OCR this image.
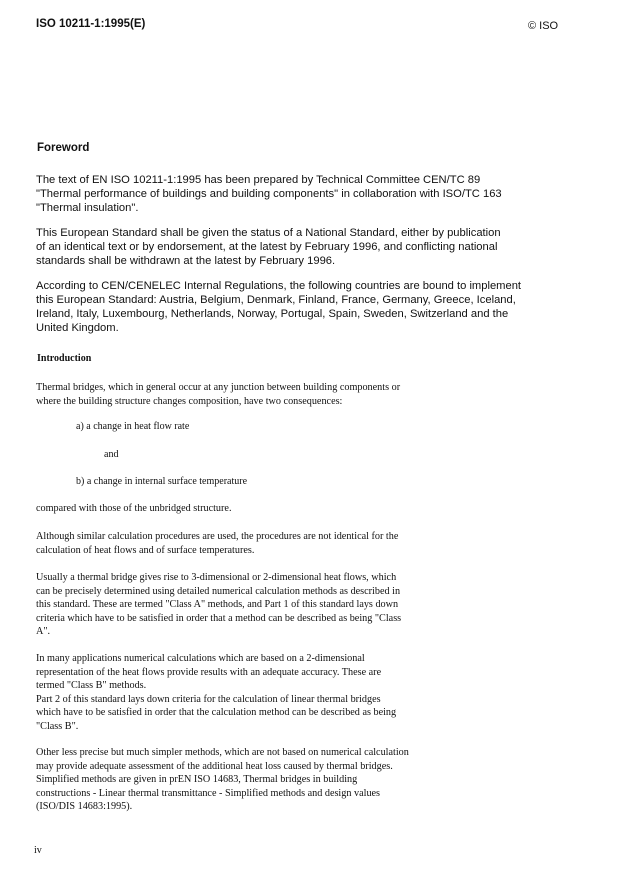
ISO 10211-1:1995(E)	© ISO
Foreword
The text of EN ISO 10211-1:1995 has been prepared by Technical Committee CEN/TC 89
"Thermal performance of buildings and building components" in collaboration with ISO/TC 163
"Thermal insulation".
This European Standard shall be given the status of a National Standard, either by publication
of an identical text or by endorsement, at the latest by February 1996, and conflicting national
standards shall be withdrawn at the latest by February 1996.
According to CEN/CENELEC Internal Regulations, the following countries are bound to implement
this European Standard: Austria, Belgium, Denmark, Finland, France, Germany, Greece, Iceland,
Ireland, Italy, Luxembourg, Netherlands, Norway, Portugal, Spain, Sweden, Switzerland and the
United Kingdom.
Introduction
Thermal bridges, which in general occur at any junction between building components or
where the building structure changes composition, have two consequences:
a) a change in heat flow rate
and
b) a change in internal surface temperature
compared with those of the unbridged structure.
Although similar calculation procedures are used, the procedures are not identical for the
calculation of heat flows and of surface temperatures.
Usually a thermal bridge gives rise to 3-dimensional or 2-dimensional heat flows, which
can be precisely determined using detailed numerical calculation methods as described in
this standard. These are termed "Class A" methods, and Part 1 of this standard lays down
criteria which have to be satisfied in order that a method can be described as being "Class
A".
In many applications numerical calculations which are based on a 2-dimensional
representation of the heat flows provide results with an adequate accuracy. These are
termed "Class B" methods.
Part 2 of this standard lays down criteria for the calculation of linear thermal bridges
which have to be satisfied in order that the calculation method can be described as being
"Class B".
Other less precise but much simpler methods, which are not based on numerical calculation
may provide adequate assessment of the additional heat loss caused by thermal bridges.
Simplified methods are given in prEN ISO 14683, Thermal bridges in building
constructions - Linear thermal transmittance - Simplified methods and design values
(ISO/DIS 14683:1995).
iv
